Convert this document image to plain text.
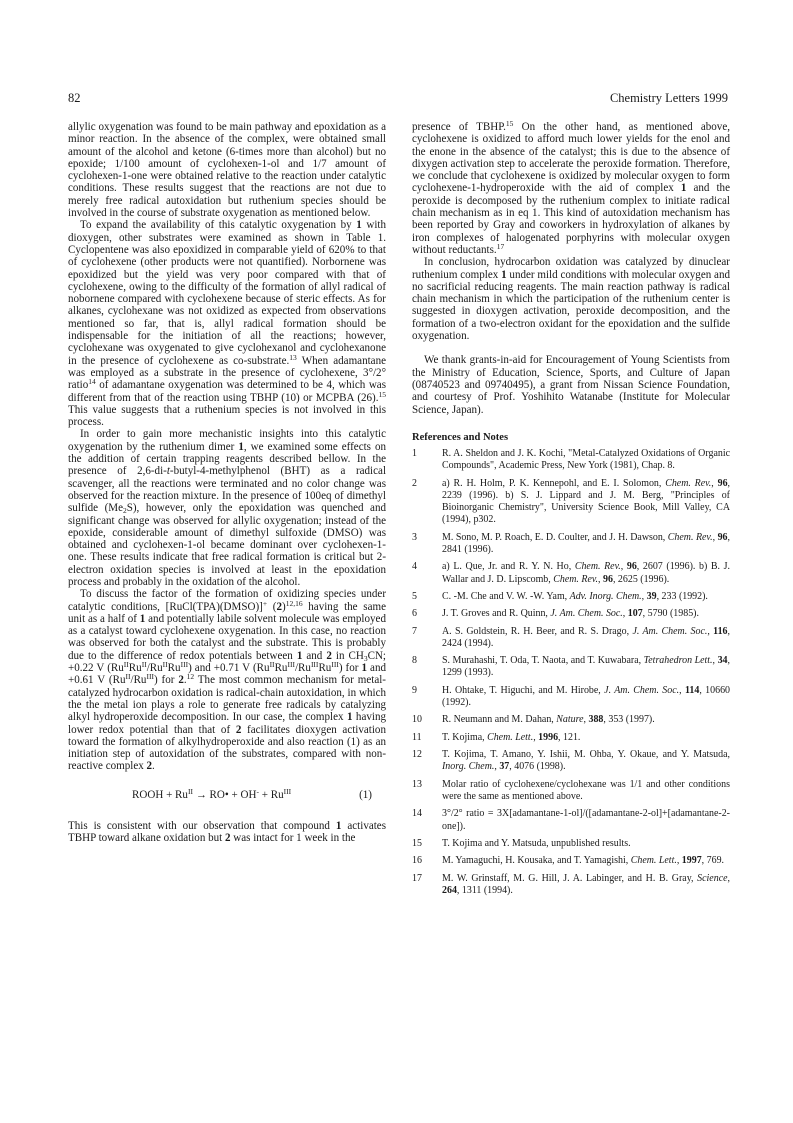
82	Chemistry Letters 1999

allylic oxygenation was found to be main pathway and epoxidation as a minor reaction. In the absence of the complex, were obtained small amount of the alcohol and ketone (6-times more than alcohol) but no epoxide; 1/100 amount of cyclohexen-1-ol and 1/7 amount of cyclohexen-1-one were obtained relative to the reaction under catalytic conditions. These results suggest that the reactions are not due to merely free radical autoxidation but ruthenium species should be involved in the course of substrate oxygenation as mentioned below.

To expand the availability of this catalytic oxygenation by 1 with dioxygen, other substrates were examined as shown in Table 1. Cyclopentene was also epoxidized in comparable yield of 620% to that of cyclohexene (other products were not quantified). Norbornene was epoxidized but the yield was very poor compared with that of cyclohexene, owing to the difficulty of the formation of allyl radical of nobornene compared with cyclohexene because of steric effects. As for alkanes, cyclohexane was not oxidized as expected from observations mentioned so far, that is, allyl radical formation should be indispensable for the initiation of all the reactions; however, cyclohexane was oxygenated to give cyclohexanol and cyclohexanone in the presence of cyclohexene as co-substrate.$^{13}$ When adamantane was employed as a substrate in the presence of cyclohexene, 3°/2° ratio$^{14}$ of adamantane oxygenation was determined to be 4, which was different from that of the reaction using TBHP (10) or MCPBA (26).$^{15}$ This value suggests that a ruthenium species is not involved in this process.

In order to gain more mechanistic insights into this catalytic oxygenation by the ruthenium dimer 1, we examined some effects on the addition of certain trapping reagents described bellow. In the presence of 2,6-di-t-butyl-4-methylphenol (BHT) as a radical scavenger, all the reactions were terminated and no color change was observed for the reaction mixture. In the presence of 100eq of dimethyl sulfide $(Me_2S)$, however, only the epoxidation was quenched and significant change was observed for allylic oxygenation; instead of the epoxide, considerable amount of dimethyl sulfoxide (DMSO) was obtained and cyclohexen-1-ol became dominant over cyclohexen-1-one. These results indicate that free radical formation is critical but 2-electron oxidation species is involved at least in the epoxidation process and probably in the oxidation of the alcohol.

To discuss the factor of the formation of oxidizing species under catalytic conditions, [RuCl(TPA)(DMSO)]+ $(2)^{12,16}$ having the same unit as a half of 1 and potentially labile solvent molecule was employed as a catalyst toward cyclohexene oxygenation. In this case, no reaction was observed for both the catalyst and the substrate. This is probably due to the difference of redox potentials between 1 and 2 in $CH_3CN$; +0.22 V $(Ru^{II}Ru^{II}/Ru^{II}Ru^{III})$ and +0.71 V $(Ru^{II}Ru^{III}/Ru^{III}Ru^{III})$ for 1 and +0.61 V $(Ru^{II}/Ru^{III})$ for 2.12 The most common mechanism for metal-catalyzed hydrocarbon oxidation is radical-chain autoxidation, in which the the metal ion plays a role to generate free radicals by catalyzing alkyl hydroperoxide decomposition. In our case, the complex 1 having lower redox potential than that of 2 facilitates dioxygen activation toward the formation of alkylhydroperoxide and also reaction (1) as an initiation step of autoxidation of the substrates, compared with non-reactive complex 2.

ROOH + $Ru^{II}$ → RO• + $OH^- + Ru^{III}$	(1)

This is consistent with our observation that compound 1 activates TBHP toward alkane oxidation but 2 was intact for 1 week in the

presence of TBHP.$^{15}$ On the other hand, as mentioned above, cyclohexene is oxidized to afford much lower yields for the enol and the enone in the absence of the catalyst; this is due to the absence of dixygen activation step to accelerate the peroxide formation. Therefore, we conclude that cyclohexene is oxidized by molecular oxygen to form cyclohexene-1-hydroperoxide with the aid of complex 1 and the peroxide is decomposed by the ruthenium complex to initiate radical chain mechanism as in eq 1. This kind of autoxidation mechanism has been reported by Gray and coworkers in hydroxylation of alkanes by iron complexes of halogenated porphyrins with molecular oxygen without reductants.$^{17}$

In conclusion, hydrocarbon oxidation was catalyzed by dinuclear ruthenium complex 1 under mild conditions with molecular oxygen and no sacrificial reducing reagents. The main reaction pathway is radical chain mechanism in which the participation of the ruthenium center is suggested in dioxygen activation, peroxide decomposition, and the formation of a two-electron oxidant for the epoxidation and the sulfide oxygenation.

We thank grants-in-aid for Encouragement of Young Scientists from the Ministry of Education, Science, Sports, and Culture of Japan (08740523 and 09740495), a grant from Nissan Science Foundation, and courtesy of Prof. Yoshihito Watanabe (Institute for Molecular Science, Japan).

References and Notes
1	R. A. Sheldon and J. K. Kochi, "Metal-Catalyzed Oxidations of Organic Compounds", Academic Press, New York (1981), Chap. 8.
2	a) R. H. Holm, P. K. Kennepohl, and E. I. Solomon, Chem. Rev., 96, 2239 (1996). b) S. J. Lippard and J. M. Berg, "Principles of Bioinorganic Chemistry", University Science Book, Mill Valley, CA (1994), p302.
3	M. Sono, M. P. Roach, E. D. Coulter, and J. H. Dawson, Chem. Rev., 96, 2841 (1996).
4	a) L. Que, Jr. and R. Y. N. Ho, Chem. Rev., 96, 2607 (1996). b) B. J. Wallar and J. D. Lipscomb, Chem. Rev., 96, 2625 (1996).
5	C. -M. Che and V. W. -W. Yam, Adv. Inorg. Chem., 39, 233 (1992).
6	J. T. Groves and R. Quinn, J. Am. Chem. Soc., 107, 5790 (1985).
7	A. S. Goldstein, R. H. Beer, and R. S. Drago, J. Am. Chem. Soc., 116, 2424 (1994).
8	S. Murahashi, T. Oda, T. Naota, and T. Kuwabara, Tetrahedron Lett., 34, 1299 (1993).
9	H. Ohtake, T. Higuchi, and M. Hirobe, J. Am. Chem. Soc., 114, 10660 (1992).
10 R. Neumann and M. Dahan, Nature, 388, 353 (1997).
11 T. Kojima, Chem. Lett., 1996, 121.
12 T. Kojima, T. Amano, Y. Ishii, M. Ohba, Y. Okaue, and Y. Matsuda, Inorg. Chem., 37, 4076 (1998).
13 Molar ratio of cyclohexene/cyclohexane was 1/1 and other conditions were the same as mentioned above.
14 3°/2° ratio = 3X[adamantane-1-ol]/([adamantane-2-ol]+[adamantane-2-one]).
15 T. Kojima and Y. Matsuda, unpublished results.
16 M. Yamaguchi, H. Kousaka, and T. Yamagishi, Chem. Lett., 1997, 769.
17 M. W. Grinstaff, M. G. Hill, J. A. Labinger, and H. B. Gray, Science, 264, 1311 (1994).
